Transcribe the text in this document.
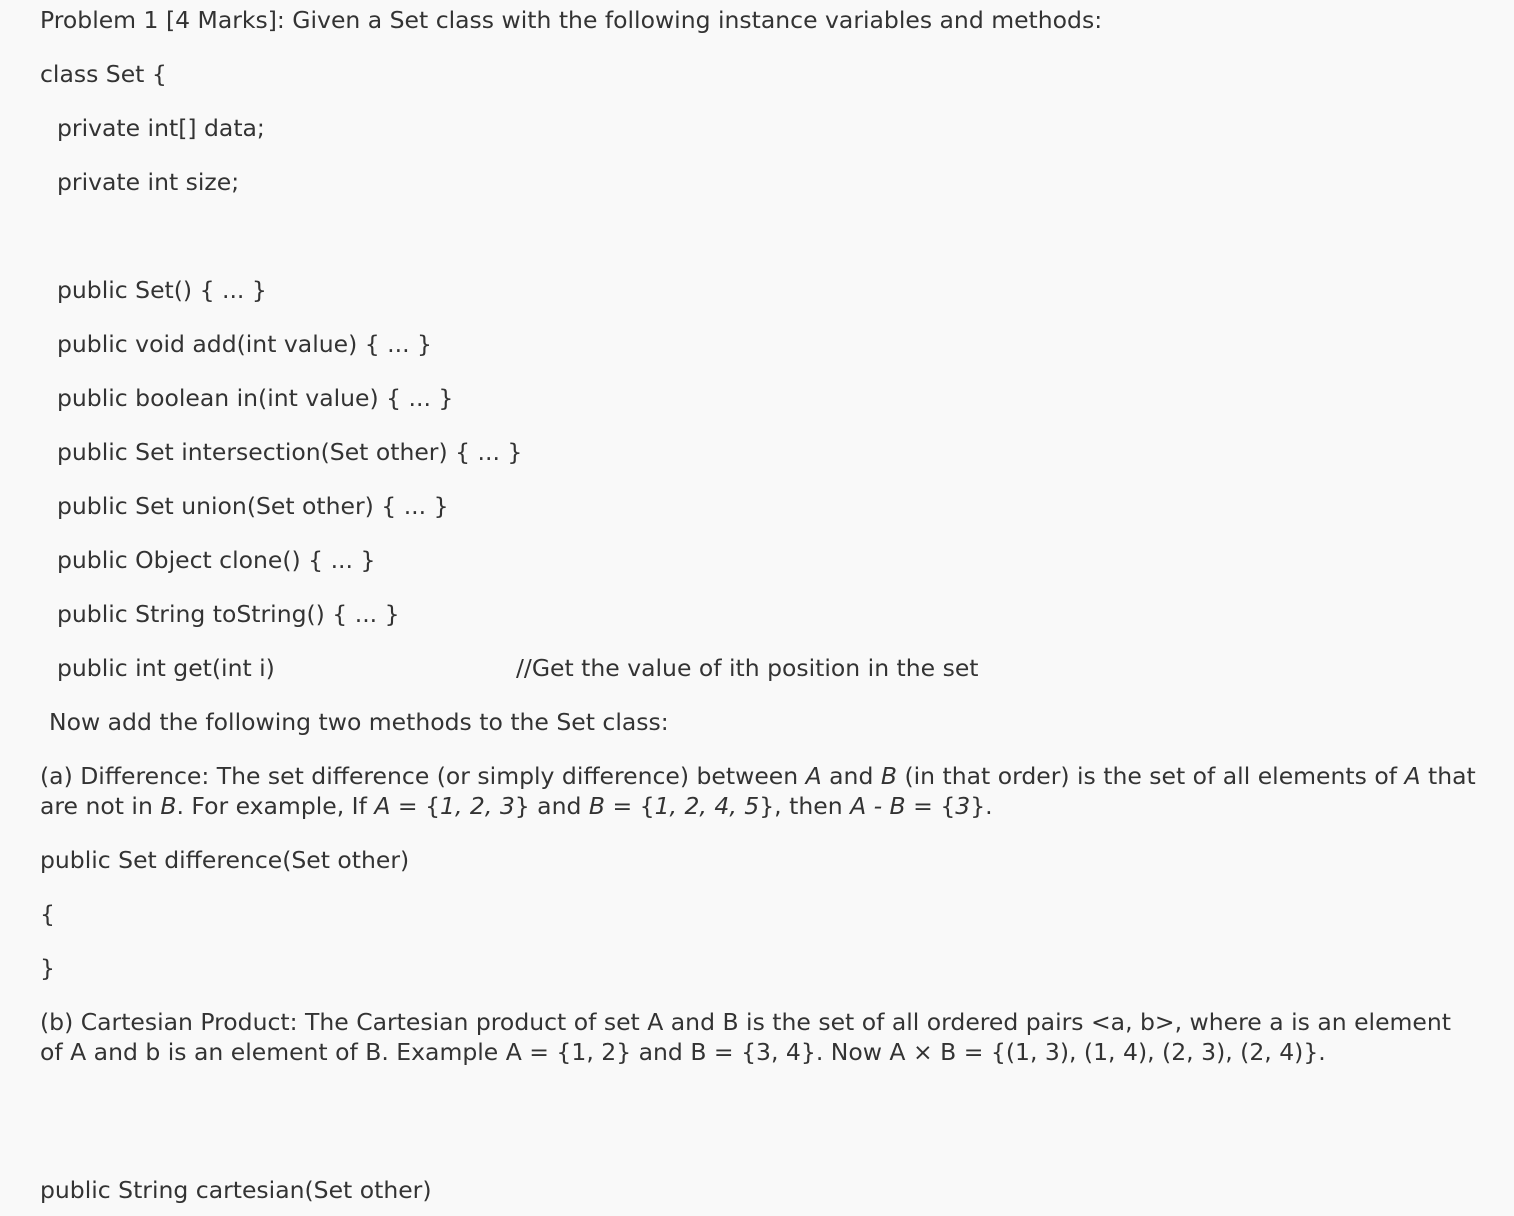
Problem 1 [4 Marks]: Given a Set class with the following instance variables and methods:
class Set {
private int[] data;
private int size;
public Set() { ... }
public void add(int value) { ... }
public boolean in(int value) { ... }
public Set intersection(Set other) { ... }
public Set union(Set other) { ... }
public Object clone() { ... }
public String toString() { ... }
public int get(int i)	//Get the value of ith position in the set
Now add the following two methods to the Set class:

(a) Difference: The set difference (or simply difference) between A and B (in that order) is the set of all elements of A that are not in B. For example, If A = {1, 2, 3} and B = {1, 2, 4, 5}, then A - B = {3}.

public Set difference(Set other)
{
}

(b) Cartesian Product: The Cartesian product of set A and B is the set of all ordered pairs <a, b>, where a is an element of A and b is an element of B. Example A = {1, 2} and B = {3, 4}. Now A × B = {(1, 3), (1, 4), (2, 3), (2, 4)}.

public String cartesian(Set other)
